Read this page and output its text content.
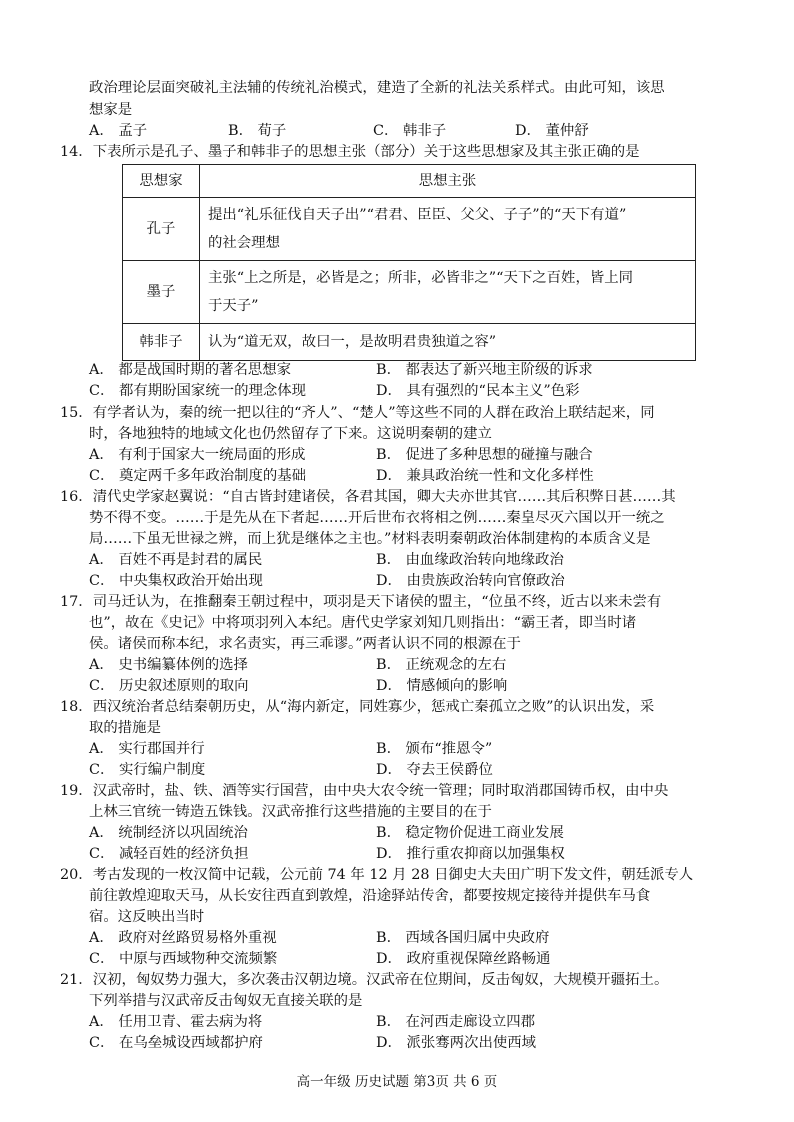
政治理论层面突破礼主法辅的传统礼治模式，建造了全新的礼法关系样式。由此可知，该思
想家是
A． 孟子	B． 荀子	C． 韩非子	D． 董仲舒
14．下表所示是孔子、墨子和韩非子的思想主张（部分）关于这些思想家及其主张正确的是
思想家	思想主张
孔子	提出“礼乐征伐自天子出”“君君、臣臣、父父、子子”的“天下有道”
的社会理想

墨子	主张“上之所是，必皆是之；所非，必皆非之”“天下之百姓，皆上同
于天子”

韩非子	认为“道无双，故曰一，是故明君贵独道之容”
A． 都是战国时期的著名思想家	B． 都表达了新兴地主阶级的诉求
C． 都有期盼国家统一的理念体现	D． 具有强烈的“民本主义”色彩
15．有学者认为，秦的统一把以往的“齐人”、“楚人”等这些不同的人群在政治上联结起来，同
时，各地独特的地域文化也仍然留存了下来。这说明秦朝的建立
A． 有利于国家大一统局面的形成	B． 促进了多种思想的碰撞与融合
C． 奠定两千多年政治制度的基础	D． 兼具政治统一性和文化多样性
16．清代史学家赵翼说：“自古皆封建诸侯，各君其国，卿大夫亦世其官……其后积弊日甚……其
势不得不变。……于是先从在下者起……开后世布衣将相之例……秦皇尽灭六国以开一统之
局……下虽无世禄之辨，而上犹是继体之主也。”材料表明秦朝政治体制建构的本质含义是
A． 百姓不再是封君的属民	B． 由血缘政治转向地缘政治
C． 中央集权政治开始出现	D． 由贵族政治转向官僚政治
17．司马迁认为，在推翻秦王朝过程中，项羽是天下诸侯的盟主，“位虽不终，近古以来未尝有
也”，故在《史记》中将项羽列入本纪。唐代史学家刘知几则指出：“霸王者，即当时诸
侯。诸侯而称本纪，求名责实，再三乖谬。”两者认识不同的根源在于
A． 史书编纂体例的选择	B． 正统观念的左右
C． 历史叙述原则的取向	D． 情感倾向的影响
18．西汉统治者总结秦朝历史，从“海内新定，同姓寡少，惩戒亡秦孤立之败”的认识出发，采
取的措施是
A． 实行郡国并行	B． 颁布“推恩令”
C． 实行编户制度	D． 夺去王侯爵位
19．汉武帝时，盐、铁、酒等实行国营，由中央大农令统一管理；同时取消郡国铸币权，由中央
上林三官统一铸造五铢钱。汉武帝推行这些措施的主要目的在于
A． 统制经济以巩固统治	B． 稳定物价促进工商业发展
C． 减轻百姓的经济负担	D． 推行重农抑商以加强集权
20．考古发现的一枚汉简中记载，公元前 74 年 12 月 28 日御史大夫田广明下发文件，朝廷派专人
前往敦煌迎取天马，从长安往西直到敦煌，沿途驿站传舍，都要按规定接待并提供车马食
宿。这反映出当时
A． 政府对丝路贸易格外重视	B． 西域各国归属中央政府
C． 中原与西域物种交流频繁	D． 政府重视保障丝路畅通
21．汉初，匈奴势力强大，多次袭击汉朝边境。汉武帝在位期间，反击匈奴，大规模开疆拓土。
下列举措与汉武帝反击匈奴无直接关联的是
A． 任用卫青、霍去病为将	B． 在河西走廊设立四郡
C． 在乌垒城设西域都护府	D． 派张骞两次出使西域
高一年级 历史试题 第3页 共 6 页
